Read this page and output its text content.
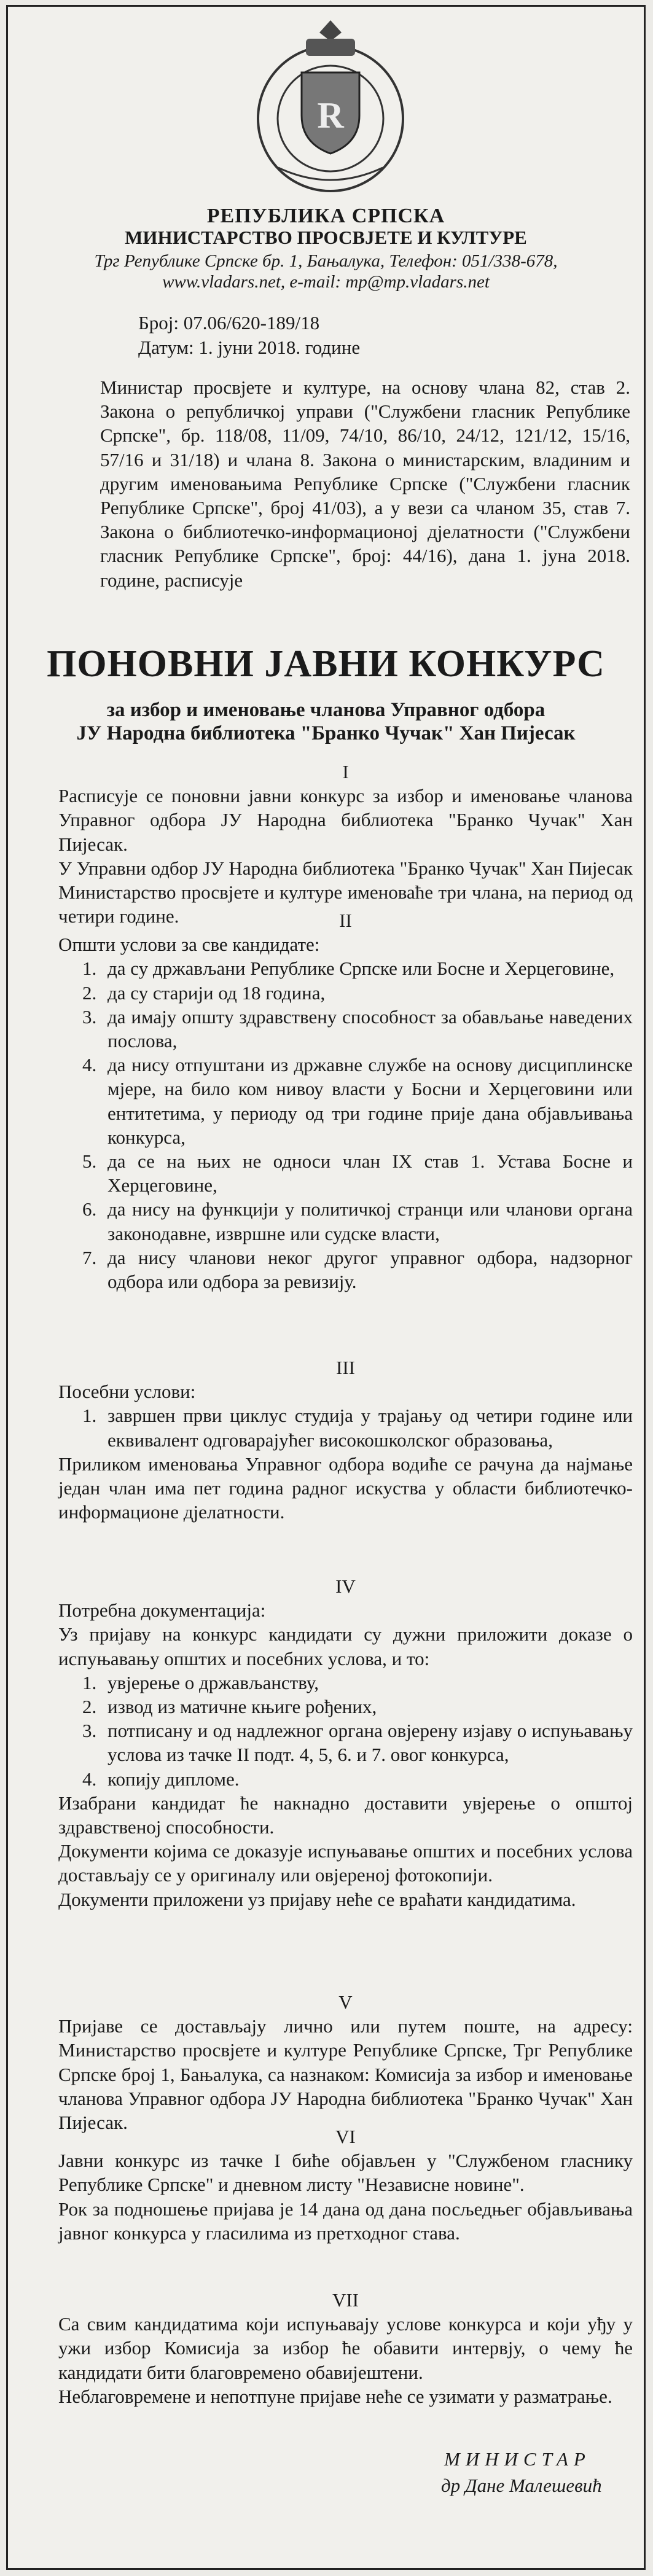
R
РЕПУБЛИКА СРПСКА
МИНИСТАРСТВО ПРОСВЈЕТЕ И КУЛТУРЕ
Трг Републике Српске бр. 1, Бањалука, Телефон: 051/338-678,
www.vladars.net, e-mail: mp@mp.vladars.net
Број: 07.06/620-189/18
Датум: 1. јуни 2018. године
Министар просвјете и културе, на основу члана 82, став 2. Закона о републичкој управи ("Службени гласник Републике Српске", бр. 118/08, 11/09, 74/10, 86/10, 24/12, 121/12, 15/16, 57/16 и 31/18) и члана 8. Закона о министарским, владиним и другим именовањима Републике Српске ("Службени гласник Републике Српске", број 41/03), а у вези са чланом 35, став 7. Закона о библиотечко-информационој дјелатности ("Службени гласник Републике Српске", број: 44/16), дана 1. јуна 2018. године, расписује
ПОНОВНИ ЈАВНИ КОНКУРС
за избор и именовање чланова Управног одбора
ЈУ Народна библиотека "Бранко Чучак" Хан Пијесак

I

Расписује се поновни јавни конкурс за избор и именовање чланова Управног одбора ЈУ Народна библиотека "Бранко Чучак" Хан Пијесак.

У Управни одбор ЈУ Народна библиотека "Бранко Чучак" Хан Пијесак Министарство просвјете и културе именоваће три члана, на период од четири године.	II

Општи услови за све кандидате:

1. да су држављани Републике Српске или Босне и Херцеговине,
2. да су старији од 18 година,
3. да имају општу здравствену способност за обављање наведених послова,
4. да нису отпуштани из државне службе на основу дисциплинске мјере, на било ком нивоу власти у Босни и Херцеговини или ентитетима, у периоду од три године прије дана објављивања конкурса,
5. да се на њих не односи члан IX став 1. Устава Босне и Херцеговине,
6. да нису на функцији у политичкој странци или чланови органа законодавне, извршне или судске власти,
7. да нису чланови неког другог управног одбора, надзорног одбора или одбора за ревизију.

III

Посебни услови:

1. завршен први циклус студија у трајању од четири године или еквивалент одговарајућег високошколског образовања,

Приликом именовања Управног одбора водиће се рачуна да најмање један члан има пет година радног искуства у области библиотечко-информационе дјелатности.

IV

Потребна документација:

Уз пријаву на конкурс кандидати су дужни приложити доказе о испуњавању општих и посебних услова, и то:

1. увјерење о држављанству,
2. извод из матичне књиге рођених,
3. потписану и од надлежног органа овјерену изјаву о испуњавању услова из тачке II подт. 4, 5, 6. и 7. овог конкурса,
4. копију дипломе.

Изабрани кандидат ће накнадно доставити увјерење о општој здравственој способности.

Документи којима се доказује испуњавање општих и посебних услова достављају се у оригиналу или овјереној фотокопији.

Документи приложени уз пријаву неће се враћати кандидатима.

V

Пријаве се достављају лично или путем поште, на адресу: Министарство просвјете и културе Републике Српске, Трг Републике Српске број 1, Бањалука, са назнаком: Комисија за избор и именовање чланова Управног одбора ЈУ Народна библиотека "Бранко Чучак" Хан Пијесак.

VI

Јавни конкурс из тачке I биће објављен у "Службеном гласнику Републике Српске" и дневном листу "Независне новине".

Рок за подношење пријава је 14 дана од дана посљедњег објављивања јавног конкурса у гласилима из претходног става.

VII

Са свим кандидатима који испуњавају услове конкурса и који уђу у ужи избор Комисија за избор ће обавити интервју, о чему ће кандидати бити благовремено обавијештени.

Неблаговремене и непотпуне пријаве неће се узимати у разматрање.

МИНИСТАР
др Дане Малешевић
